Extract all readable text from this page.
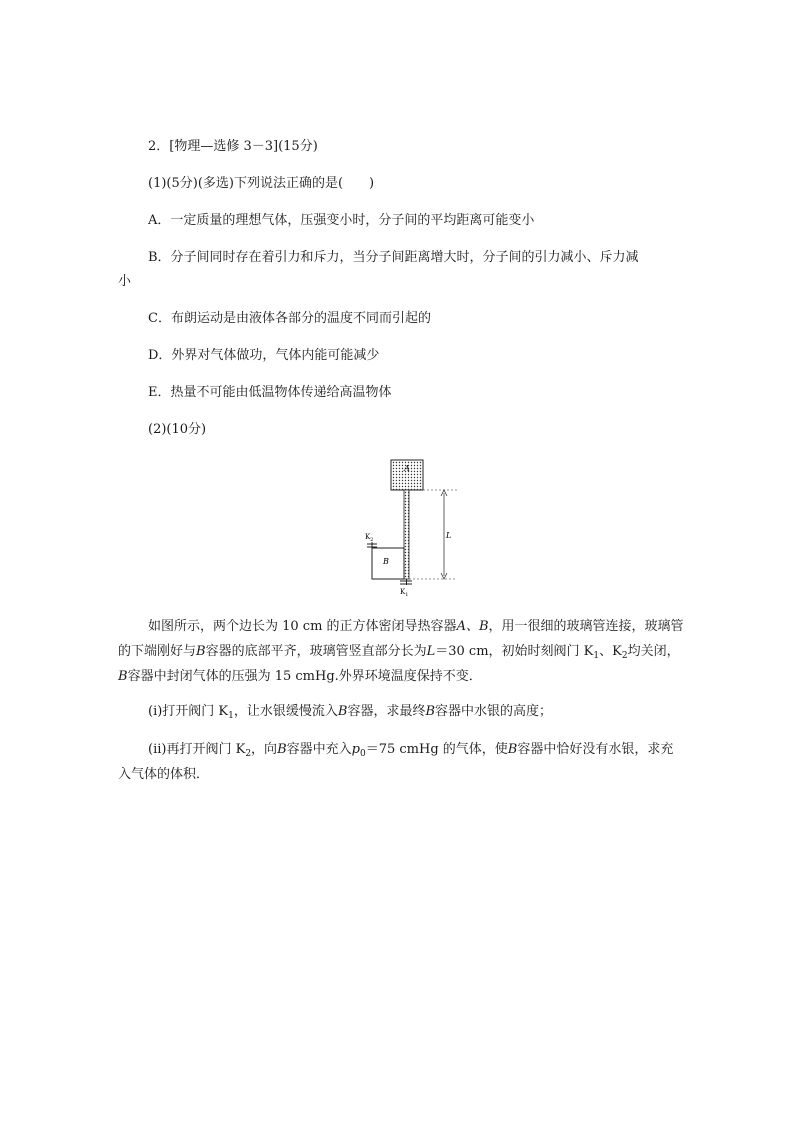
2．[物理—选修 3－3](15分)
(1)(5分)(多选)下列说法正确的是(　　)
A．一定质量的理想气体，压强变小时，分子间的平均距离可能变小
B．分子间同时存在着引力和斥力，当分子间距离增大时，分子间的引力减小、斥力减
小
C．布朗运动是由液体各部分的温度不同而引起的
D．外界对气体做功，气体内能可能减少
E．热量不可能由低温物体传递给高温物体
(2)(10分)
A
B
$K_2$
$K_1$
L

如图所示，两个边长为 10 cm 的正方体密闭导热容器A、B，用一很细的玻璃管连接，玻璃管的下端刚好与B容器的底部平齐，玻璃管竖直部分长为L＝30 cm，初始时刻阀门 $K_1$、$K_2$均关闭，B容器中封闭气体的压强为 15 cmHg.外界环境温度保持不变．

(ⅰ)打开阀门 $K_1$，让水银缓慢流入B容器，求最终B容器中水银的高度；

(ⅱ)再打开阀门 $K_2$，向B容器中充入$p_0=75$ cmHg 的气体，使B容器中恰好没有水银，求充入气体的体积．
